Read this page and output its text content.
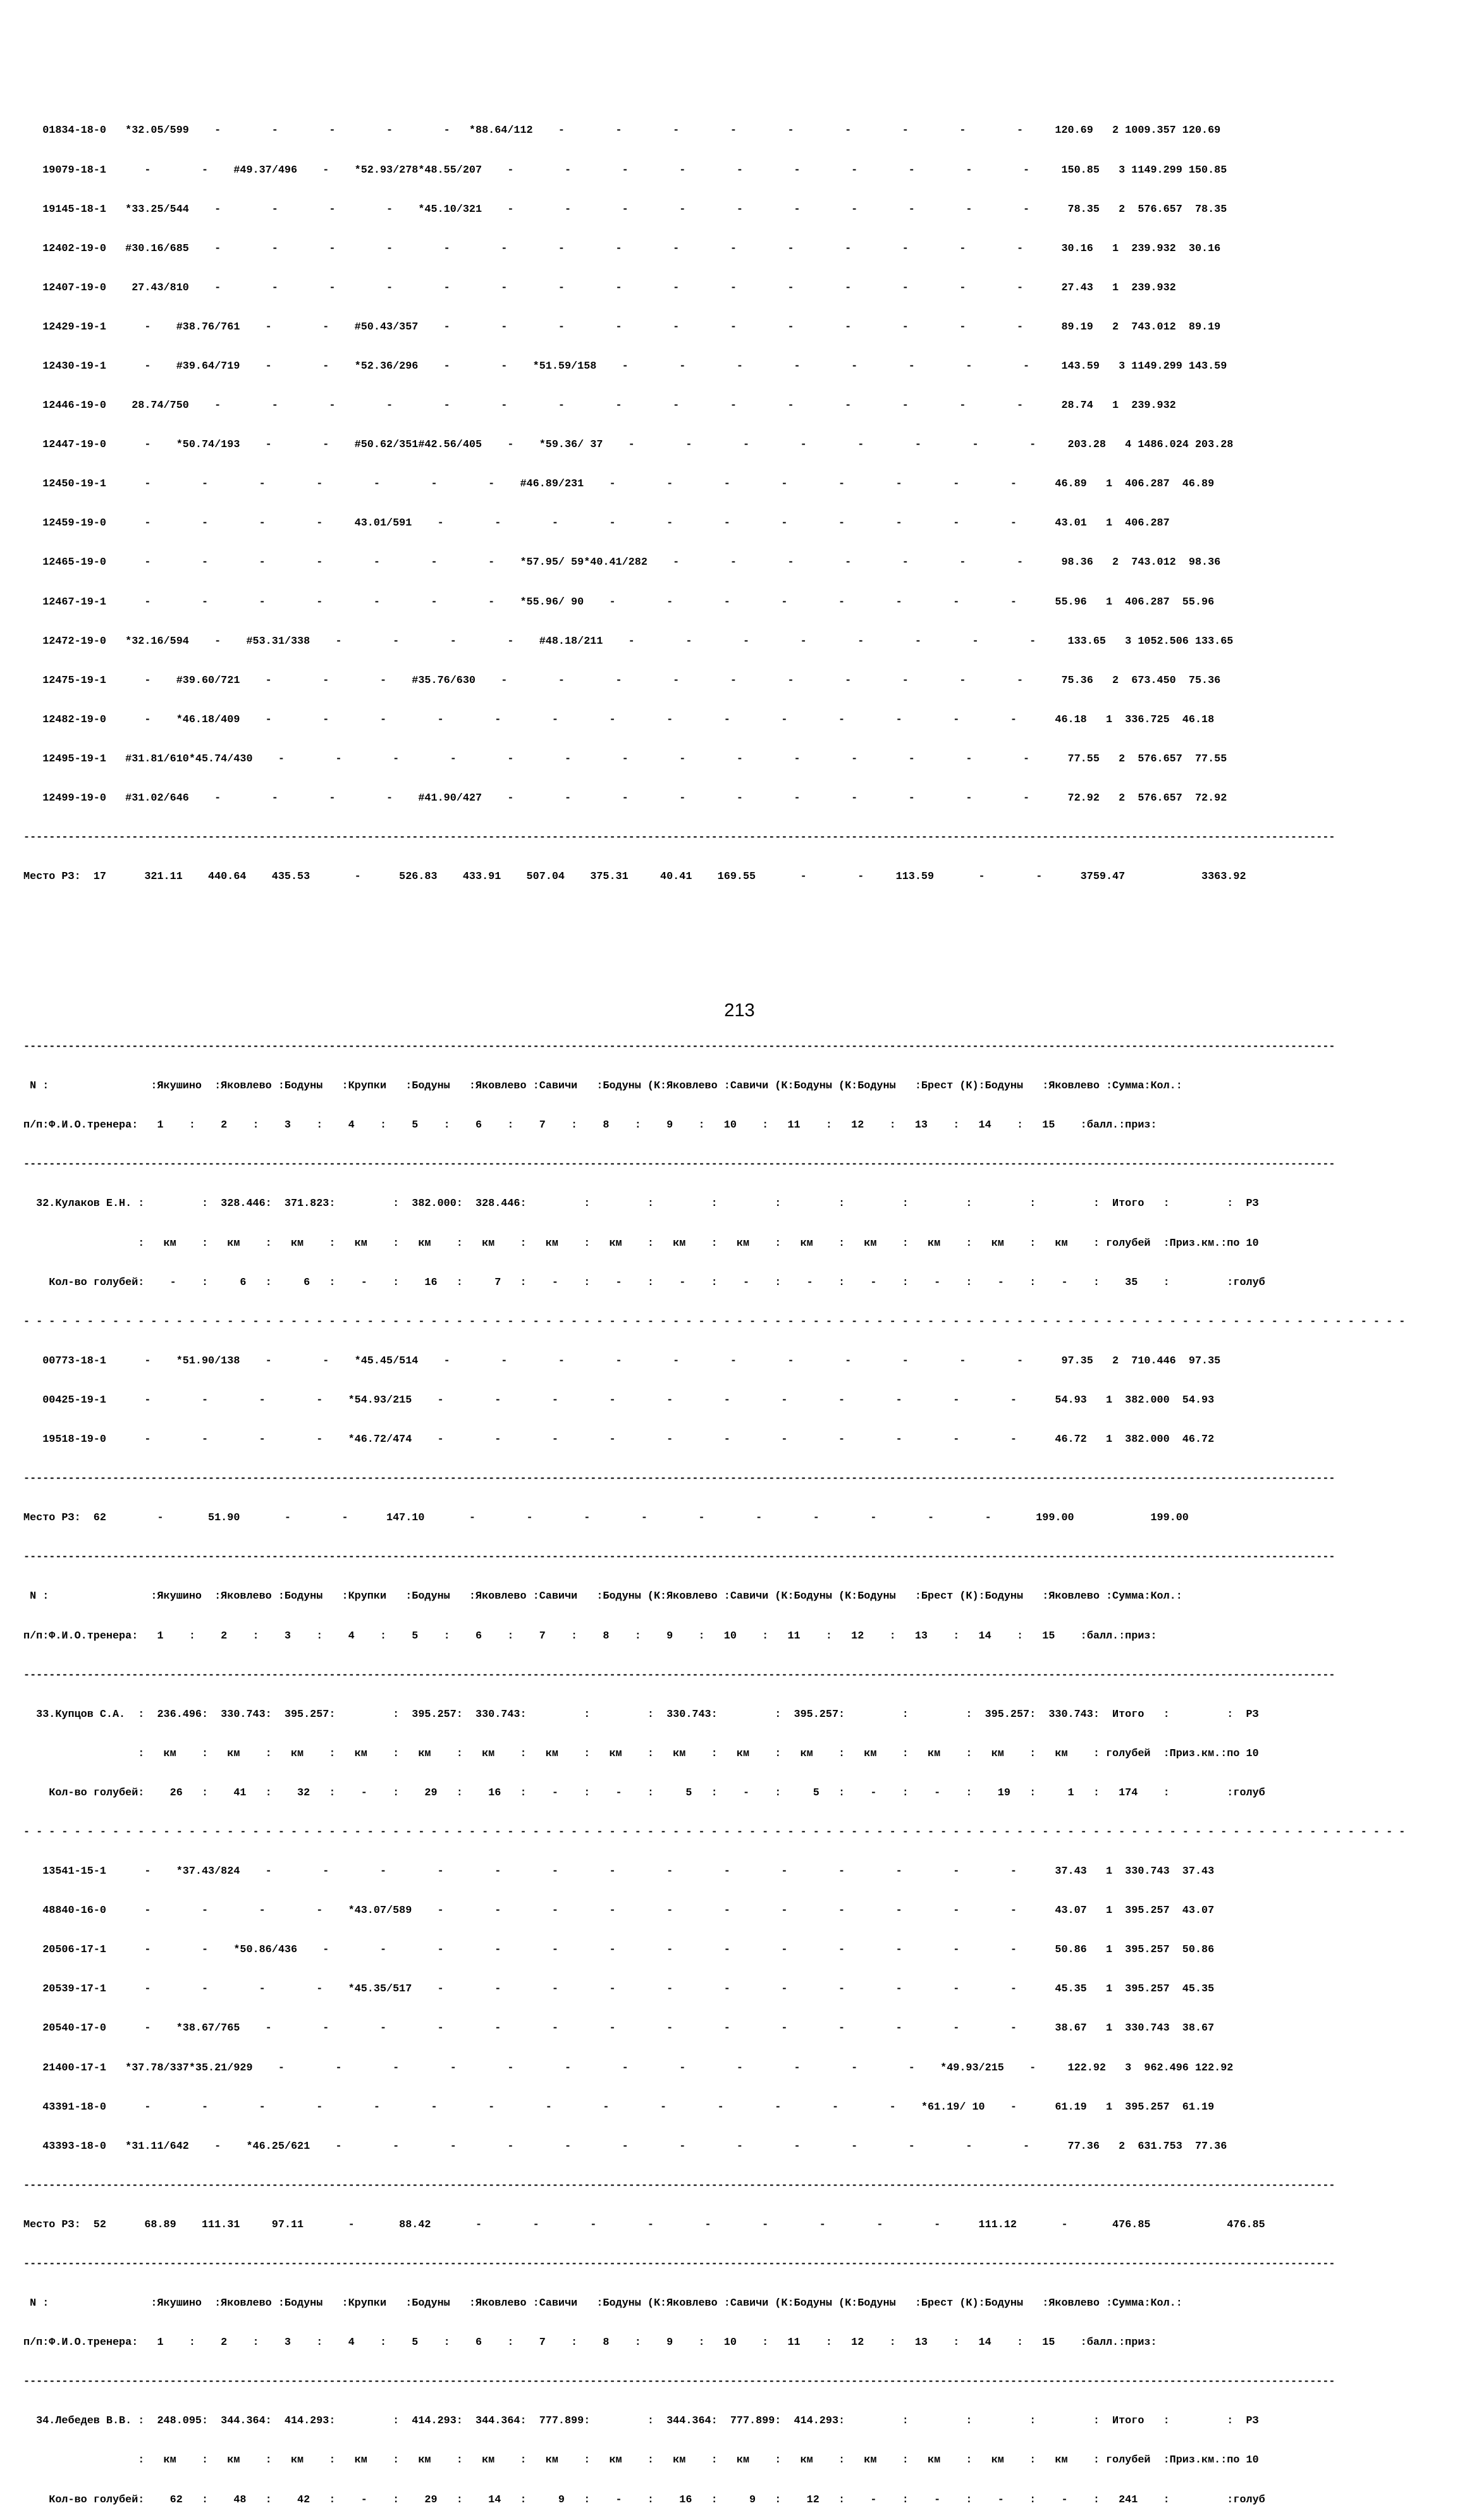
01834-18-0   *32.05/599    -        -        -        -        -   *88.64/112    -        -        -        -        -        -        -        -        -     120.69   2 1009.357 120.69

19079-18-1      -        -    #49.37/496    -    *52.93/278*48.55/207    -        -        -        -        -        -        -        -        -        -     150.85   3 1149.299 150.85

19145-18-1   *33.25/544    -        -        -        -    *45.10/321    -        -        -        -        -        -        -        -        -        -      78.35   2  576.657  78.35

12402-19-0   #30.16/685    -        -        -        -        -        -        -        -        -        -        -        -        -        -        -      30.16   1  239.932  30.16

12407-19-0    27.43/810    -        -        -        -        -        -        -        -        -        -        -        -        -        -        -      27.43   1  239.932

12429-19-1      -    #38.76/761    -        -    #50.43/357    -        -        -        -        -        -        -        -        -        -        -      89.19   2  743.012  89.19

12430-19-1      -    #39.64/719    -        -    *52.36/296    -        -    *51.59/158    -        -        -        -        -        -        -        -     143.59   3 1149.299 143.59

12446-19-0    28.74/750    -        -        -        -        -        -        -        -        -        -        -        -        -        -        -      28.74   1  239.932

12447-19-0      -    *50.74/193    -        -    #50.62/351#42.56/405    -    *59.36/ 37    -        -        -        -        -        -        -        -     203.28   4 1486.024 203.28

12450-19-1      -        -        -        -        -        -        -    #46.89/231    -        -        -        -        -        -        -        -      46.89   1  406.287  46.89

12459-19-0      -        -        -        -     43.01/591    -        -        -        -        -        -        -        -        -        -        -      43.01   1  406.287

12465-19-0      -        -        -        -        -        -        -    *57.95/ 59*40.41/282    -        -        -        -        -        -        -      98.36   2  743.012  98.36

12467-19-1      -        -        -        -        -        -        -    *55.96/ 90    -        -        -        -        -        -        -        -      55.96   1  406.287  55.96

12472-19-0   *32.16/594    -    #53.31/338    -        -        -        -    #48.18/211    -        -        -        -        -        -        -        -     133.65   3 1052.506 133.65

12475-19-1      -    #39.60/721    -        -        -    #35.76/630    -        -        -        -        -        -        -        -        -        -      75.36   2  673.450  75.36

12482-19-0      -    *46.18/409    -        -        -        -        -        -        -        -        -        -        -        -        -        -      46.18   1  336.725  46.18

12495-19-1   #31.81/610*45.74/430    -        -        -        -        -        -        -        -        -        -        -        -        -        -      77.55   2  576.657  77.55

12499-19-0   #31.02/646    -        -        -        -    #41.90/427    -        -        -        -        -        -        -        -        -        -      72.92   2  576.657  72.92

--------------------------------------------------------------------------------------------------------------------------------------------------------------------------------------------------------------

Место РЗ:  17      321.11    440.64    435.53       -      526.83    433.91    507.04    375.31     40.41    169.55       -        -     113.59       -        -      3759.47            3363.92

--------------------------------------------------------------------------------------------------------------------------------------------------------------------------------------------------------------

N :                :Якушино  :Яковлево :Бодуны   :Крупки   :Бодуны   :Яковлево :Савичи   :Бодуны (К:Яковлево :Савичи (К:Бодуны (К:Бодуны   :Брест (К):Бодуны   :Яковлево :Сумма:Кол.:

п/п:Ф.И.О.тренера:   1    :    2    :    3    :    4    :    5    :    6    :    7    :    8    :    9    :   10    :   11    :   12    :   13    :   14    :   15    :балл.:приз:

--------------------------------------------------------------------------------------------------------------------------------------------------------------------------------------------------------------

32.Кулаков Е.Н. :         :  328.446:  371.823:         :  382.000:  328.446:         :         :         :         :         :         :         :         :         :  Итого   :         :  РЗ

:   км    :   км    :   км    :   км    :   км    :   км    :   км    :   км    :   км    :   км    :   км    :   км    :   км    :   км    :   км    : голубей  :Приз.км.:по 10

Кол-во голубей:    -    :     6   :     6   :    -    :    16   :     7   :    -    :    -    :    -    :    -    :    -    :    -    :    -    :    -    :    -    :    35    :         :голуб

- - - - - - - - - - - - - - - - - - - - - - - - - - - - - - - - - - - - - - - - - - - - - - - - - - - - - - - - - - - - - - - - - - - - - - - - - - - - - - - - - - - - - - - - - - - - - - - - - - - - - - - - - - - - -

00773-18-1      -    *51.90/138    -        -    *45.45/514    -        -        -        -        -        -        -        -        -        -        -      97.35   2  710.446  97.35

00425-19-1      -        -        -        -    *54.93/215    -        -        -        -        -        -        -        -        -        -        -      54.93   1  382.000  54.93

19518-19-0      -        -        -        -    *46.72/474    -        -        -        -        -        -        -        -        -        -        -      46.72   1  382.000  46.72

--------------------------------------------------------------------------------------------------------------------------------------------------------------------------------------------------------------

Место РЗ:  62        -       51.90       -        -      147.10       -        -        -        -        -        -        -        -        -        -       199.00            199.00

--------------------------------------------------------------------------------------------------------------------------------------------------------------------------------------------------------------

N :                :Якушино  :Яковлево :Бодуны   :Крупки   :Бодуны   :Яковлево :Савичи   :Бодуны (К:Яковлево :Савичи (К:Бодуны (К:Бодуны   :Брест (К):Бодуны   :Яковлево :Сумма:Кол.:

п/п:Ф.И.О.тренера:   1    :    2    :    3    :    4    :    5    :    6    :    7    :    8    :    9    :   10    :   11    :   12    :   13    :   14    :   15    :балл.:приз:

--------------------------------------------------------------------------------------------------------------------------------------------------------------------------------------------------------------

33.Купцов С.А.  :  236.496:  330.743:  395.257:         :  395.257:  330.743:         :         :  330.743:         :  395.257:         :         :  395.257:  330.743:  Итого   :         :  РЗ

:   км    :   км    :   км    :   км    :   км    :   км    :   км    :   км    :   км    :   км    :   км    :   км    :   км    :   км    :   км    : голубей  :Приз.км.:по 10

Кол-во голубей:    26   :    41   :    32   :    -    :    29   :    16   :    -    :    -    :     5   :    -    :     5   :    -    :    -    :    19   :     1   :   174    :         :голуб

- - - - - - - - - - - - - - - - - - - - - - - - - - - - - - - - - - - - - - - - - - - - - - - - - - - - - - - - - - - - - - - - - - - - - - - - - - - - - - - - - - - - - - - - - - - - - - - - - - - - - - - - - - - - -

13541-15-1      -    *37.43/824    -        -        -        -        -        -        -        -        -        -        -        -        -        -      37.43   1  330.743  37.43

48840-16-0      -        -        -        -    *43.07/589    -        -        -        -        -        -        -        -        -        -        -      43.07   1  395.257  43.07

20506-17-1      -        -    *50.86/436    -        -        -        -        -        -        -        -        -        -        -        -        -      50.86   1  395.257  50.86

20539-17-1      -        -        -        -    *45.35/517    -        -        -        -        -        -        -        -        -        -        -      45.35   1  395.257  45.35

20540-17-0      -    *38.67/765    -        -        -        -        -        -        -        -        -        -        -        -        -        -      38.67   1  330.743  38.67

21400-17-1   *37.78/337*35.21/929    -        -        -        -        -        -        -        -        -        -        -        -    *49.93/215    -     122.92   3  962.496 122.92

43391-18-0      -        -        -        -        -        -        -        -        -        -        -        -        -        -    *61.19/ 10    -      61.19   1  395.257  61.19

43393-18-0   *31.11/642    -    *46.25/621    -        -        -        -        -        -        -        -        -        -        -        -        -      77.36   2  631.753  77.36

--------------------------------------------------------------------------------------------------------------------------------------------------------------------------------------------------------------

Место РЗ:  52      68.89    111.31     97.11       -       88.42       -        -        -        -        -        -        -        -        -      111.12       -       476.85            476.85

--------------------------------------------------------------------------------------------------------------------------------------------------------------------------------------------------------------

N :                :Якушино  :Яковлево :Бодуны   :Крупки   :Бодуны   :Яковлево :Савичи   :Бодуны (К:Яковлево :Савичи (К:Бодуны (К:Бодуны   :Брест (К):Бодуны   :Яковлево :Сумма:Кол.:

п/п:Ф.И.О.тренера:   1    :    2    :    3    :    4    :    5    :    6    :    7    :    8    :    9    :   10    :   11    :   12    :   13    :   14    :   15    :балл.:приз:

--------------------------------------------------------------------------------------------------------------------------------------------------------------------------------------------------------------

34.Лебедев В.В. :  248.095:  344.364:  414.293:         :  414.293:  344.364:  777.899:         :  344.364:  777.899:  414.293:         :         :         :         :  Итого   :         :  РЗ

:   км    :   км    :   км    :   км    :   км    :   км    :   км    :   км    :   км    :   км    :   км    :   км    :   км    :   км    :   км    : голубей  :Приз.км.:по 10

Кол-во голубей:    62   :    48   :    42   :    -    :    29   :    14   :     9   :    -    :    16   :     9   :    12   :    -    :    -    :    -    :    -    :   241    :         :голуб

213
